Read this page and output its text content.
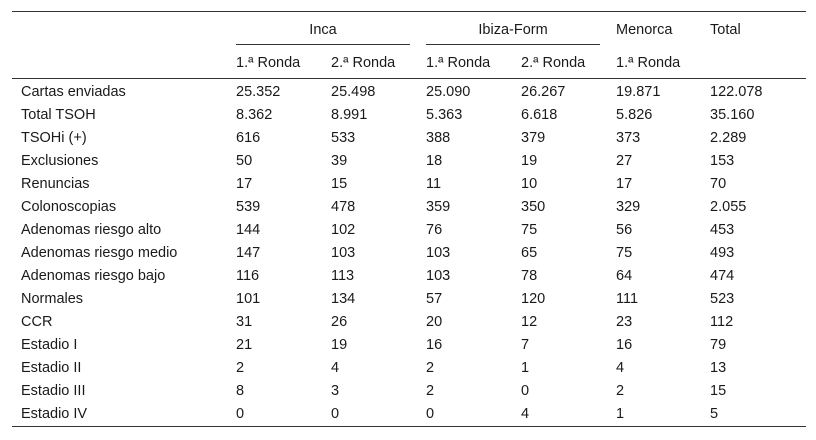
	Inca		Ibiza-Form		Menorca	Total
	1.ª Ronda	2.ª Ronda	1.ª Ronda	2.ª Ronda	1.ª Ronda	
Cartas enviadas	25.352	25.498	25.090	26.267	19.871	122.078
Total TSOH	8.362	8.991	5.363	6.618	5.826	35.160
TSOHi (+)	616	533	388	379	373	2.289
Exclusiones	50	39	18	19	27	153
Renuncias	17	15	11	10	17	70
Colonoscopias	539	478	359	350	329	2.055
Adenomas riesgo alto	144	102	76	75	56	453
Adenomas riesgo medio	147	103	103	65	75	493
Adenomas riesgo bajo	116	113	103	78	64	474
Normales	101	134	57	120	111	523
CCR	31	26	20	12	23	112
Estadio I	21	19	16	7	16	79
Estadio II	2	4	2	1	4	13
Estadio III	8	3	2	0	2	15
Estadio IV	0	0	0	4	1	5
